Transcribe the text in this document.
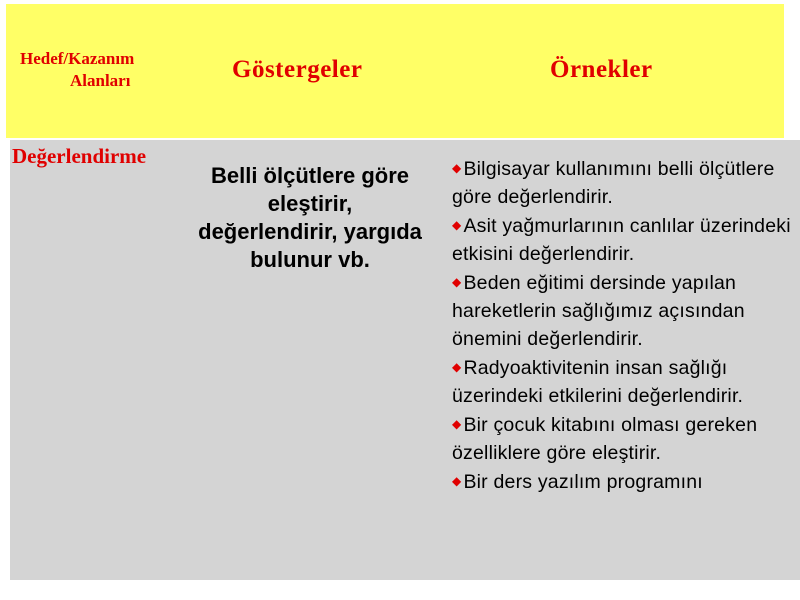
Hedef/Kazanım
Alanları	Göstergeler	Örnekler
Değerlendirme
Belli ölçütlere göre eleştirir, değerlendirir, yargıda bulunur vb.
◆ Bilgisayar kullanımını belli ölçütlere göre değerlendirir.
◆ Asit yağmurlarının canlılar üzerindeki etkisini değerlendirir.
◆ Beden eğitimi dersinde yapılan hareketlerin sağlığımız açısından önemini değerlendirir.
◆ Radyoaktivitenin insan sağlığı üzerindeki etkilerini değerlendirir.
◆ Bir çocuk kitabını olması gereken özelliklere göre eleştirir.
◆ Bir ders yazılım programını
